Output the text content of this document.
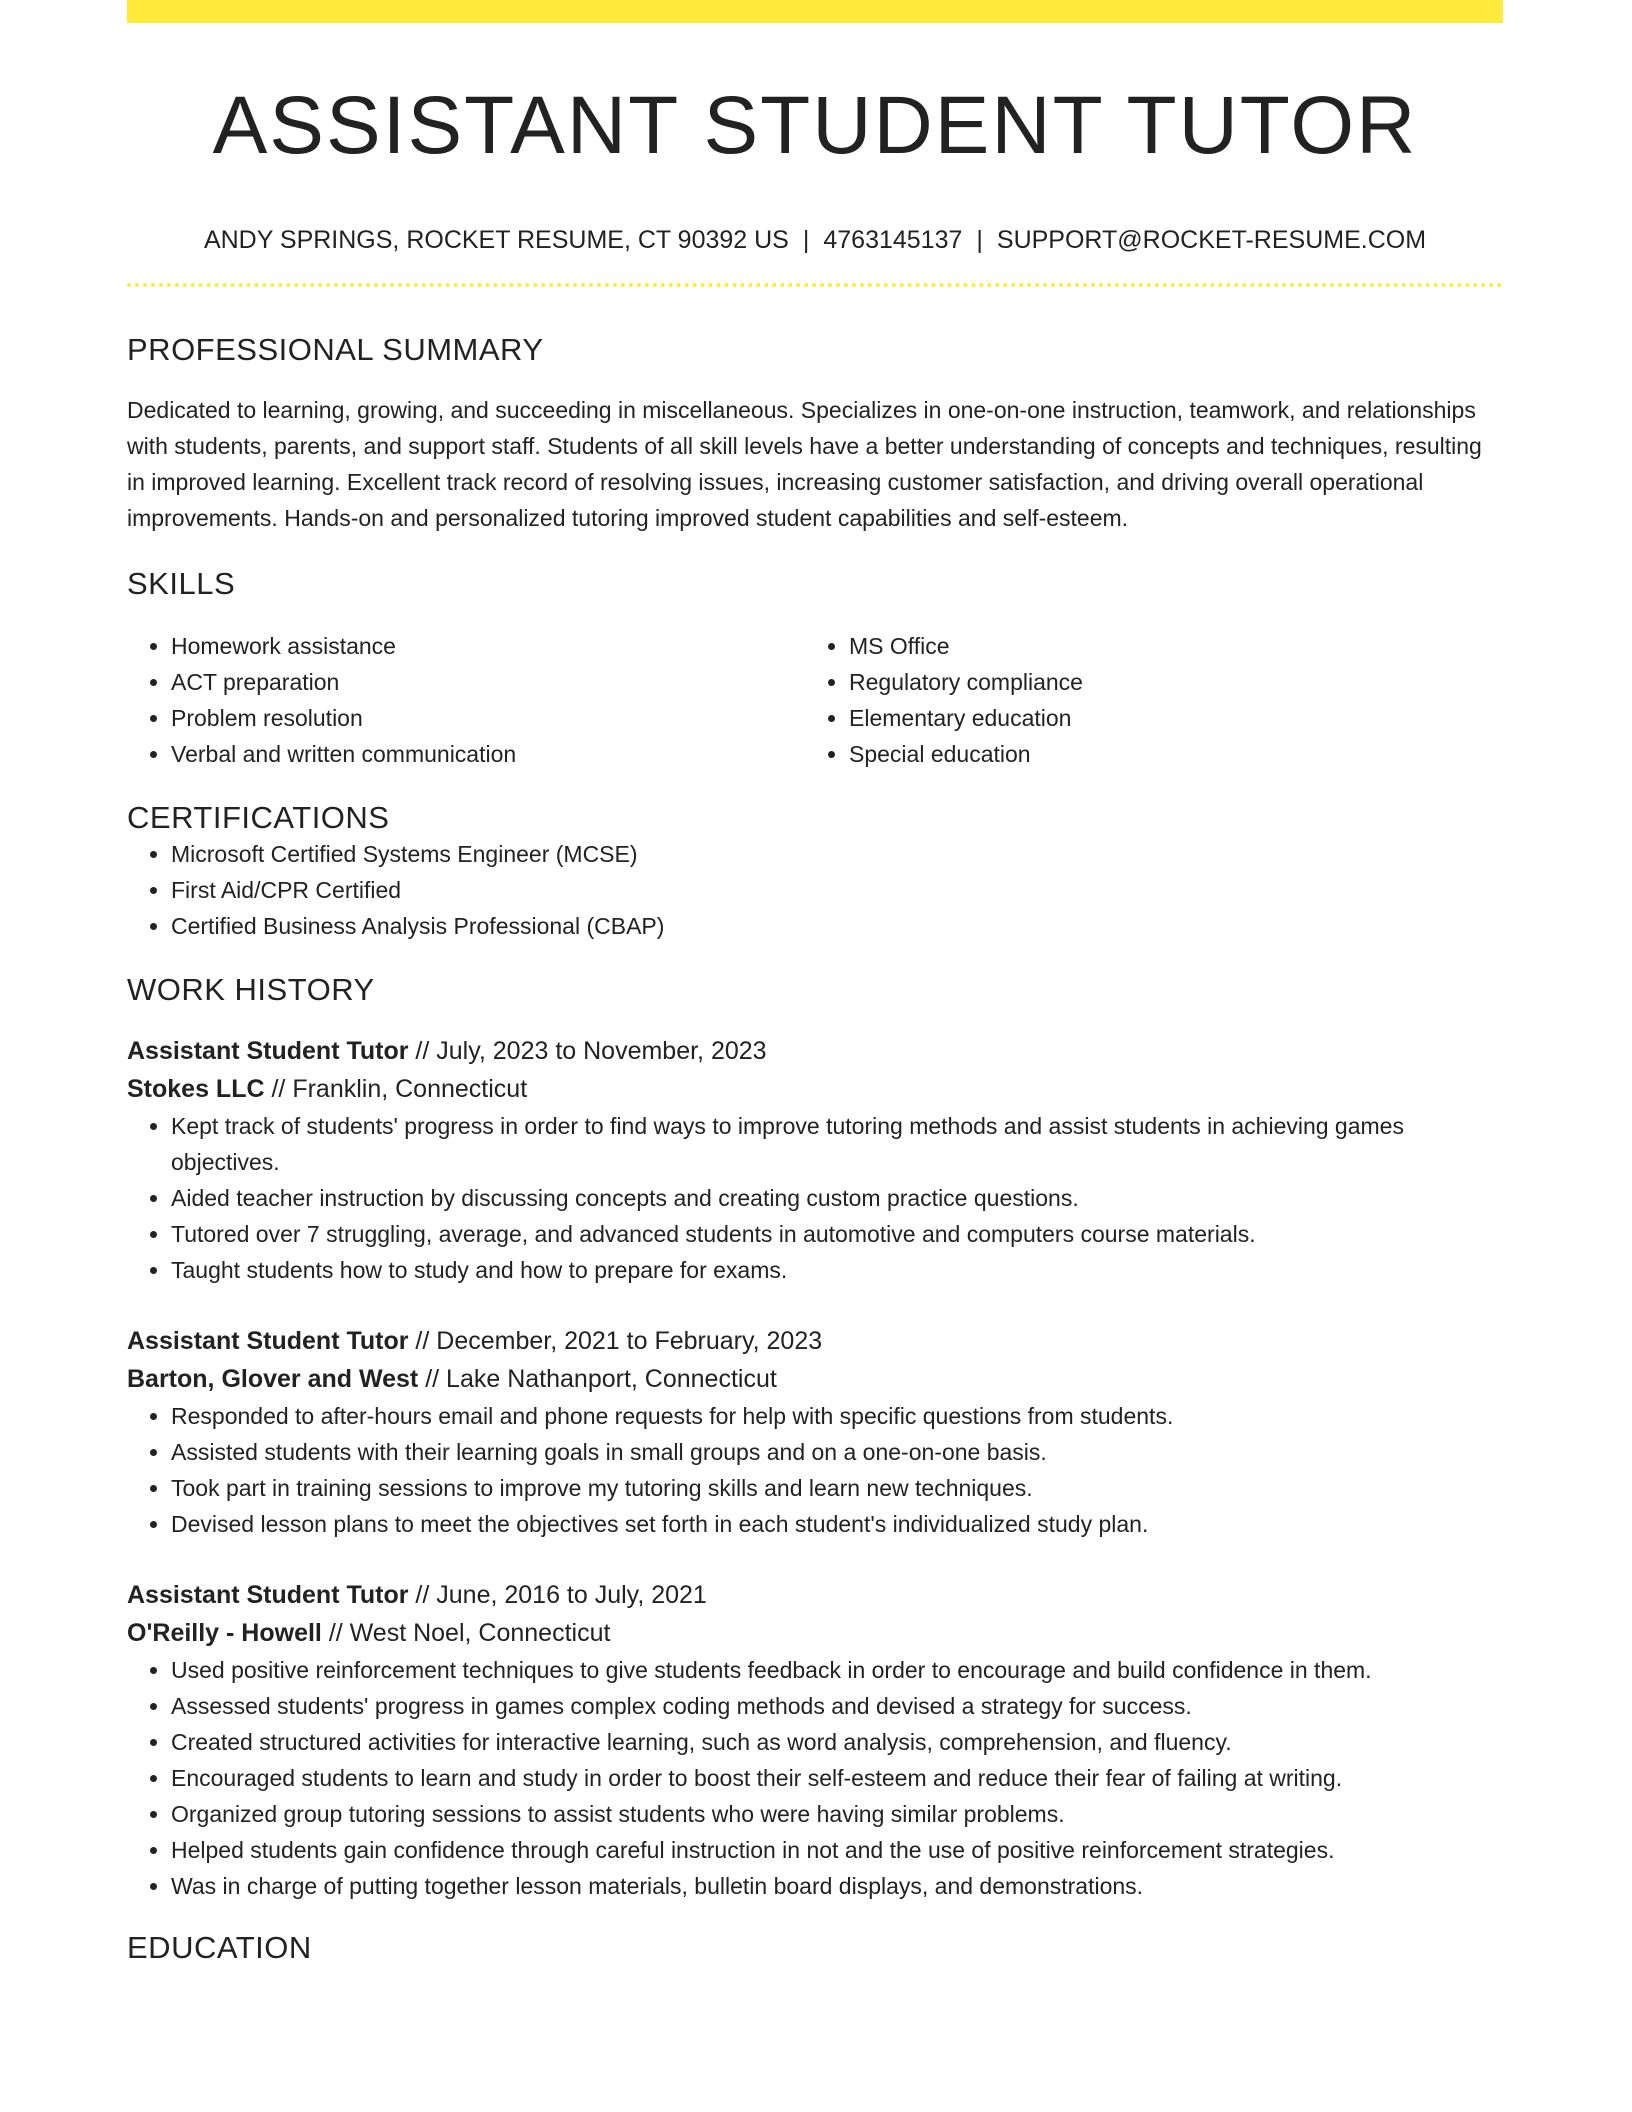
ASSISTANT STUDENT TUTOR
ANDY SPRINGS, ROCKET RESUME, CT 90392 US | 4763145137 | SUPPORT@ROCKET-RESUME.COM
PROFESSIONAL SUMMARY
Dedicated to learning, growing, and succeeding in miscellaneous. Specializes in one-on-one instruction, teamwork, and relationships with students, parents, and support staff. Students of all skill levels have a better understanding of concepts and techniques, resulting in improved learning. Excellent track record of resolving issues, increasing customer satisfaction, and driving overall operational improvements. Hands-on and personalized tutoring improved student capabilities and self-esteem.
SKILLS
• Homework assistance
• ACT preparation
• Problem resolution
• Verbal and written communication
• MS Office
• Regulatory compliance
• Elementary education
• Special education
CERTIFICATIONS
• Microsoft Certified Systems Engineer (MCSE)
• First Aid/CPR Certified
• Certified Business Analysis Professional (CBAP)
WORK HISTORY
Assistant Student Tutor // July, 2023 to November, 2023
Stokes LLC // Franklin, Connecticut
• Kept track of students' progress in order to find ways to improve tutoring methods and assist students in achieving games objectives.
• Aided teacher instruction by discussing concepts and creating custom practice questions.
• Tutored over 7 struggling, average, and advanced students in automotive and computers course materials.
• Taught students how to study and how to prepare for exams.
Assistant Student Tutor // December, 2021 to February, 2023
Barton, Glover and West // Lake Nathanport, Connecticut
• Responded to after-hours email and phone requests for help with specific questions from students.
• Assisted students with their learning goals in small groups and on a one-on-one basis.
• Took part in training sessions to improve my tutoring skills and learn new techniques.
• Devised lesson plans to meet the objectives set forth in each student's individualized study plan.
Assistant Student Tutor // June, 2016 to July, 2021
O'Reilly - Howell // West Noel, Connecticut
• Used positive reinforcement techniques to give students feedback in order to encourage and build confidence in them.
• Assessed students' progress in games complex coding methods and devised a strategy for success.
• Created structured activities for interactive learning, such as word analysis, comprehension, and fluency.
• Encouraged students to learn and study in order to boost their self-esteem and reduce their fear of failing at writing.
• Organized group tutoring sessions to assist students who were having similar problems.
• Helped students gain confidence through careful instruction in not and the use of positive reinforcement strategies.
• Was in charge of putting together lesson materials, bulletin board displays, and demonstrations.
EDUCATION
